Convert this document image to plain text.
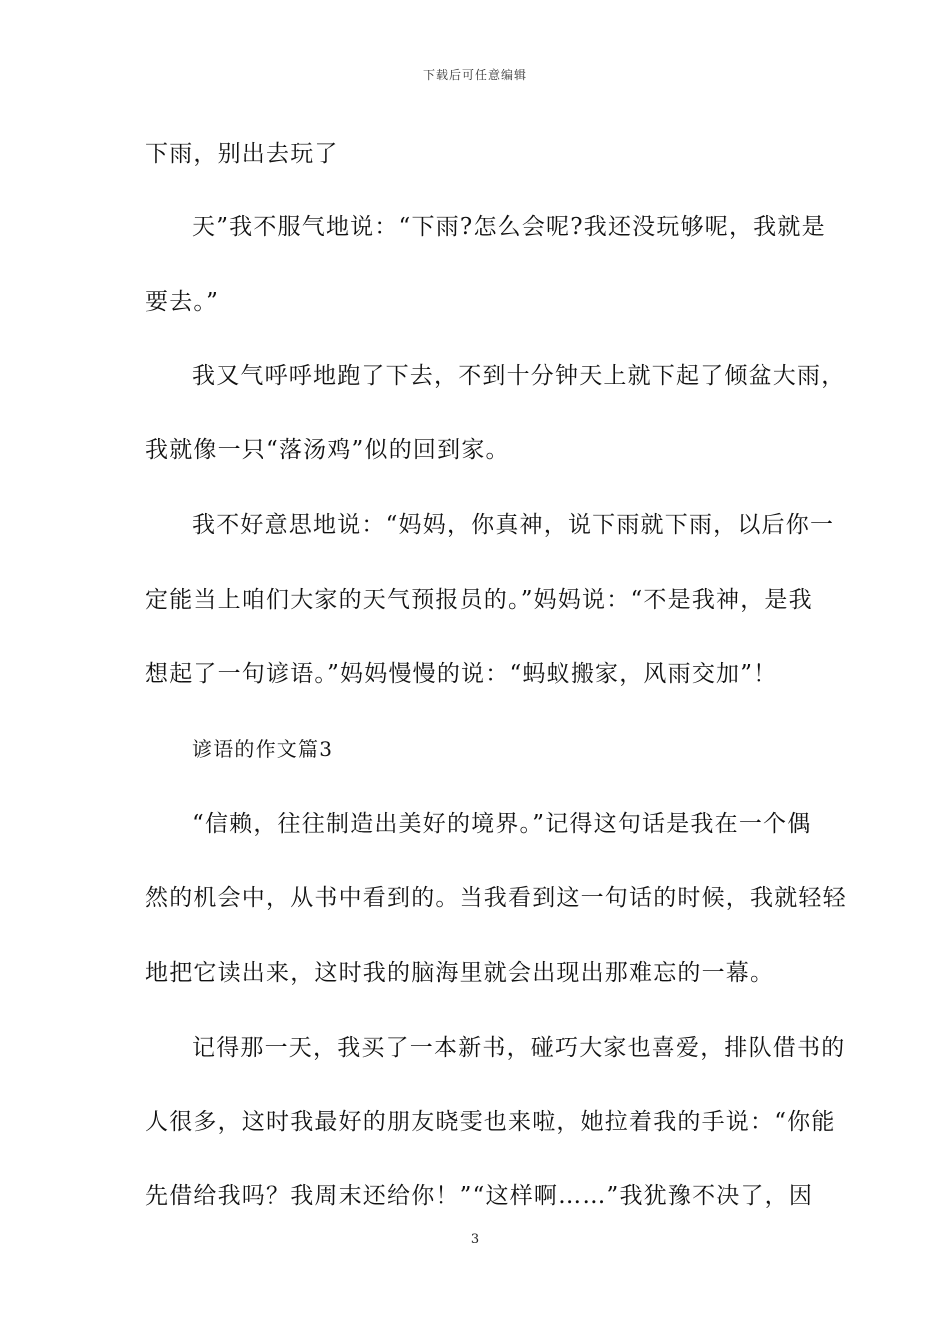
下载后可任意编辑
下雨，别出去玩了
天”我不服气地说：“下雨?怎么会呢?我还没玩够呢，我就是
要去。”
我又气呼呼地跑了下去，不到十分钟天上就下起了倾盆大雨，
我就像一只“落汤鸡”似的回到家。
我不好意思地说：“妈妈，你真神，说下雨就下雨，以后你一
定能当上咱们大家的天气预报员的。”妈妈说：“不是我神，是我
想起了一句谚语。”妈妈慢慢的说：“蚂蚁搬家，风雨交加”！
谚语的作文篇3
“信赖，往往制造出美好的境界。”记得这句话是我在一个偶
然的机会中，从书中看到的。当我看到这一句话的时候，我就轻轻
地把它读出来，这时我的脑海里就会出现出那难忘的一幕。
记得那一天，我买了一本新书，碰巧大家也喜爱，排队借书的
人很多，这时我最好的朋友晓雯也来啦，她拉着我的手说：“你能
先借给我吗？我周末还给你！”“这样啊……”我犹豫不决了，因
3
